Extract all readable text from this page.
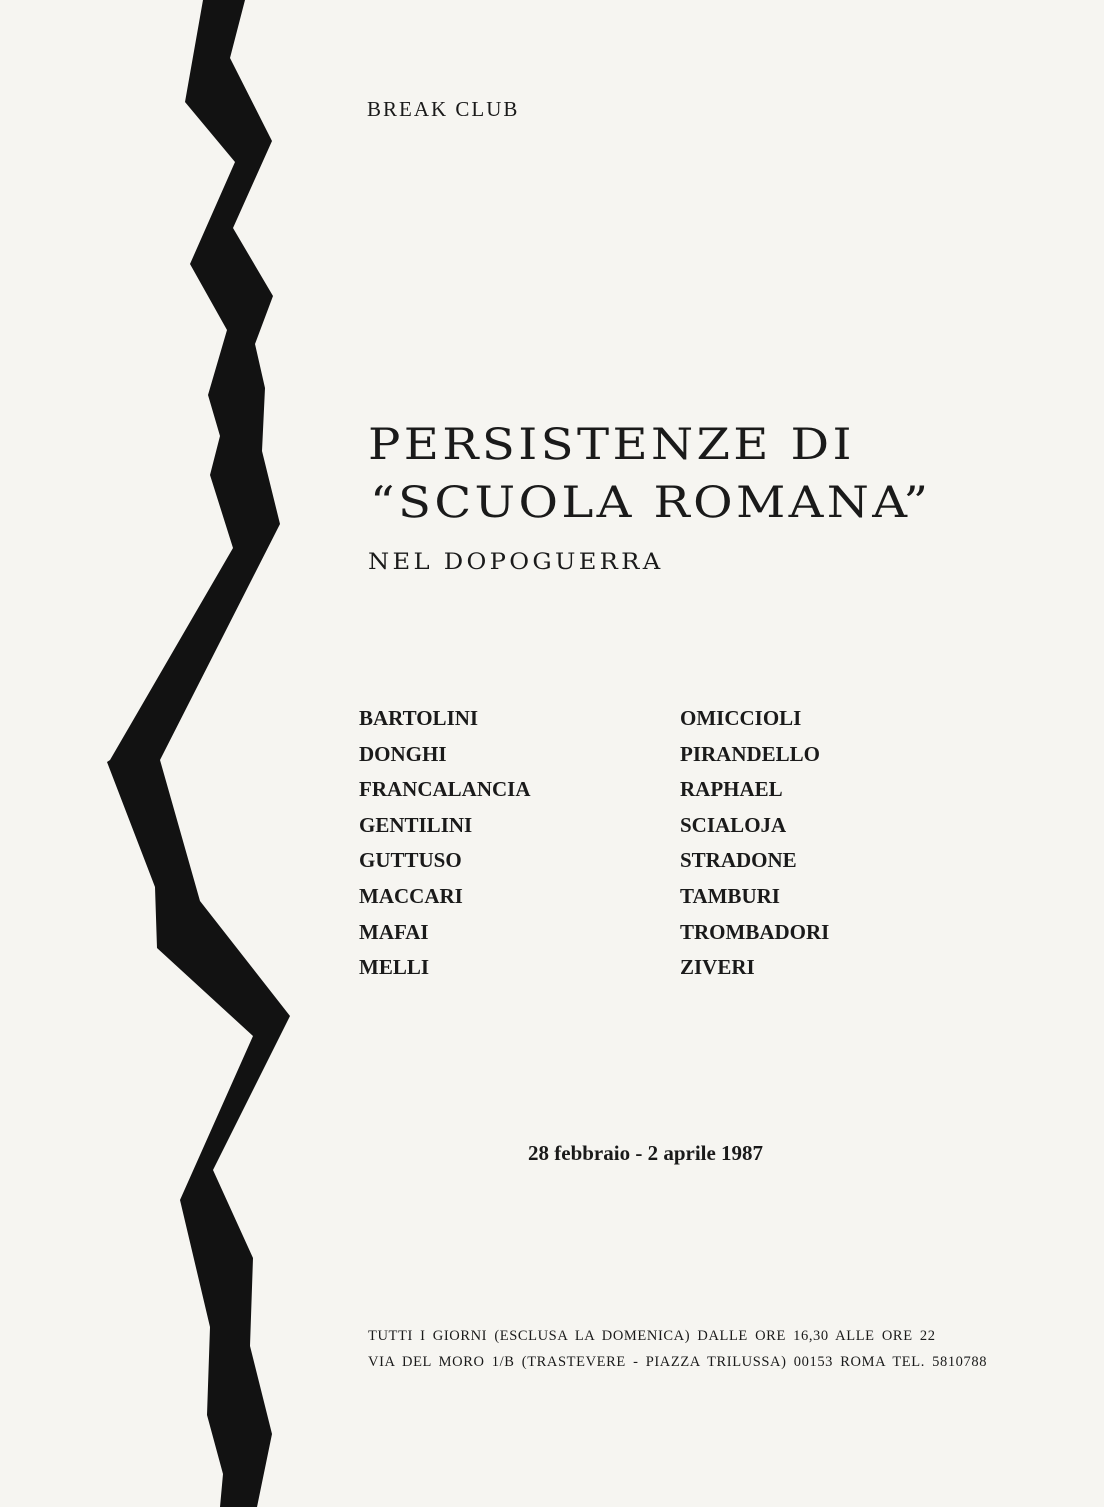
BREAK CLUB
PERSISTENZE DI
“SCUOLA ROMANA”
NEL DOPOGUERRA
BARTOLINI
DONGHI
FRANCALANCIA
GENTILINI
GUTTUSO
MACCARI
MAFAI
MELLI
OMICCIOLI
PIRANDELLO
RAPHAEL
SCIALOJA
STRADONE
TAMBURI
TROMBADORI
ZIVERI
28 febbraio - 2 aprile 1987
TUTTI I GIORNI (ESCLUSA LA DOMENICA) DALLE ORE 16,30 ALLE ORE 22
VIA DEL MORO 1/B (TRASTEVERE - PIAZZA TRILUSSA) 00153 ROMA TEL. 5810788
